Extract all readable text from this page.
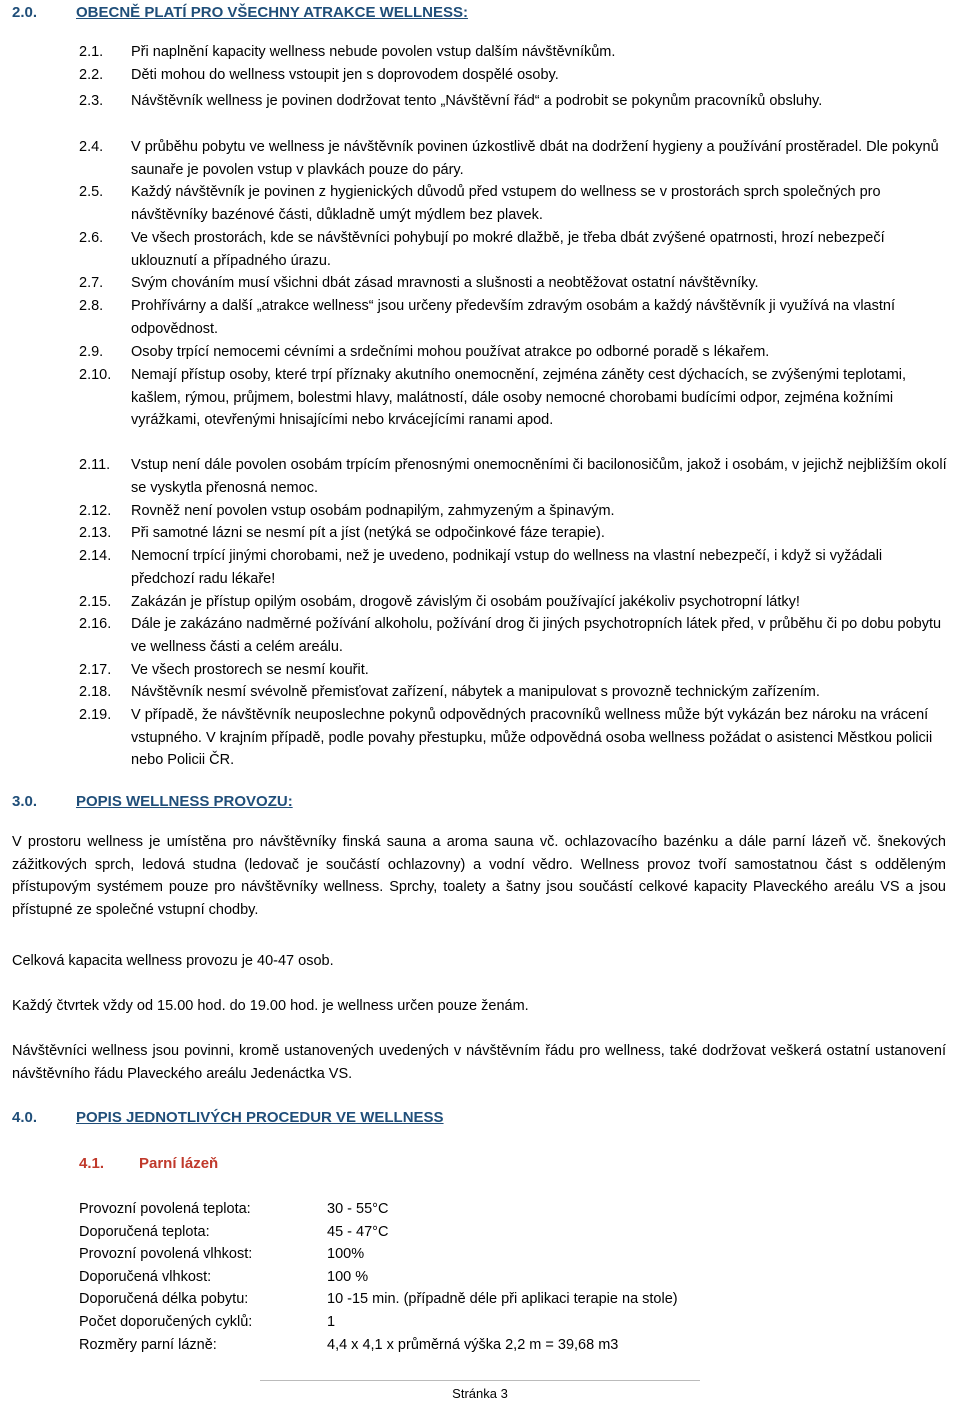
2.0.	OBECNĚ PLATÍ PRO VŠECHNY ATRAKCE WELLNESS:
2.1.	Při naplnění kapacity wellness nebude povolen vstup dalším návštěvníkům.
2.2.	Děti mohou do wellness vstoupit jen s doprovodem dospělé osoby.
2.3.	Návštěvník wellness je povinen dodržovat tento „Návštěvní řád“ a podrobit se pokynům pracovníků obsluhy.
2.4.	V průběhu pobytu ve wellness je návštěvník povinen úzkostlivě dbát na dodržení hygieny a používání prostěradel. Dle pokynů saunaře je povolen vstup v plavkách pouze do páry.
2.5.	Každý návštěvník je povinen z hygienických důvodů před vstupem do wellness se v prostorách sprch společných pro návštěvníky bazénové části, důkladně umýt mýdlem bez plavek.
2.6.	Ve všech prostorách, kde se návštěvníci pohybují po mokré dlažbě, je třeba dbát zvýšené opatrnosti, hrozí nebezpečí uklouznutí a případného úrazu.
2.7.	Svým chováním musí všichni dbát zásad mravnosti a slušnosti a neobtěžovat ostatní návštěvníky.
2.8.	Prohřívárny a další „atrakce wellness“ jsou určeny především zdravým osobám a každý návštěvník ji využívá na vlastní odpovědnost.
2.9.	Osoby trpící nemocemi cévními a srdečními mohou používat atrakce po odborné poradě s lékařem.
2.10.	Nemají přístup osoby, které trpí příznaky akutního onemocnění, zejména záněty cest dýchacích, se zvýšenými teplotami, kašlem, rýmou, průjmem, bolestmi hlavy, malátností, dále osoby nemocné chorobami budícími odpor, zejména kožními vyrážkami, otevřenými hnisajícími nebo krvácejícími ranami apod.
2.11.	Vstup není dále povolen osobám trpícím přenosnými onemocněními či bacilonosičům, jakož i osobám, v jejichž nejbližším okolí se vyskytla přenosná nemoc.
2.12.	Rovněž není povolen vstup osobám podnapilým, zahmyzeným a špinavým.
2.13.	Při samotné lázni se nesmí pít a jíst (netýká se odpočinkové fáze terapie).
2.14.	Nemocní trpící jinými chorobami, než je uvedeno, podnikají vstup do wellness na vlastní nebezpečí, i když si vyžádali předchozí radu lékaře!
2.15.	Zakázán je přístup opilým osobám, drogově závislým či osobám používající jakékoliv psychotropní látky!
2.16.	Dále je zakázáno nadměrné požívání alkoholu, požívání drog či jiných psychotropních látek před, v průběhu či po dobu pobytu ve wellness části a celém areálu.
2.17.	Ve všech prostorech se nesmí kouřit.
2.18.	Návštěvník nesmí svévolně přemisťovat zařízení, nábytek a manipulovat s provozně technickým zařízením.
2.19.	V případě, že návštěvník neuposlechne pokynů odpovědných pracovníků wellness může být vykázán bez nároku na vrácení vstupného. V krajním případě, podle povahy přestupku, může odpovědná osoba wellness požádat o asistenci Městkou policii nebo Policii ČR.
3.0.	POPIS WELLNESS PROVOZU:
V prostoru wellness je umístěna pro návštěvníky finská sauna a aroma sauna vč. ochlazovacího bazénku a dále parní lázeň vč. šnekových zážitkových sprch, ledová studna (ledovač je součástí ochlazovny) a vodní vědro. Wellness provoz tvoří samostatnou část s odděleným přístupovým systémem pouze pro návštěvníky wellness. Sprchy, toalety a šatny jsou součástí celkové kapacity Plaveckého areálu VS a jsou přístupné ze společné vstupní chodby.
Celková kapacita wellness provozu je 40-47 osob.
Každý čtvrtek vždy od 15.00 hod. do 19.00 hod. je wellness určen pouze ženám.
Návštěvníci wellness jsou povinni, kromě ustanovených uvedených v návštěvním řádu pro wellness, také dodržovat veškerá ostatní ustanovení návštěvního řádu Plaveckého areálu Jedenáctka VS.
4.0.	POPIS JEDNOTLIVÝCH PROCEDUR VE WELLNESS
4.1. Parní lázeň
Provozní povolená teplota:	30 - 55°C
Doporučená teplota:	45 - 47°C
Provozní povolená vlhkost:	100%
Doporučená vlhkost:	100 %
Doporučená délka pobytu:	10 -15 min. (případně déle při aplikaci terapie na stole)
Počet doporučených cyklů:	1
Rozměry parní lázně:	4,4 x 4,1 x průměrná výška 2,2 m = 39,68 m3
Stránka 3
